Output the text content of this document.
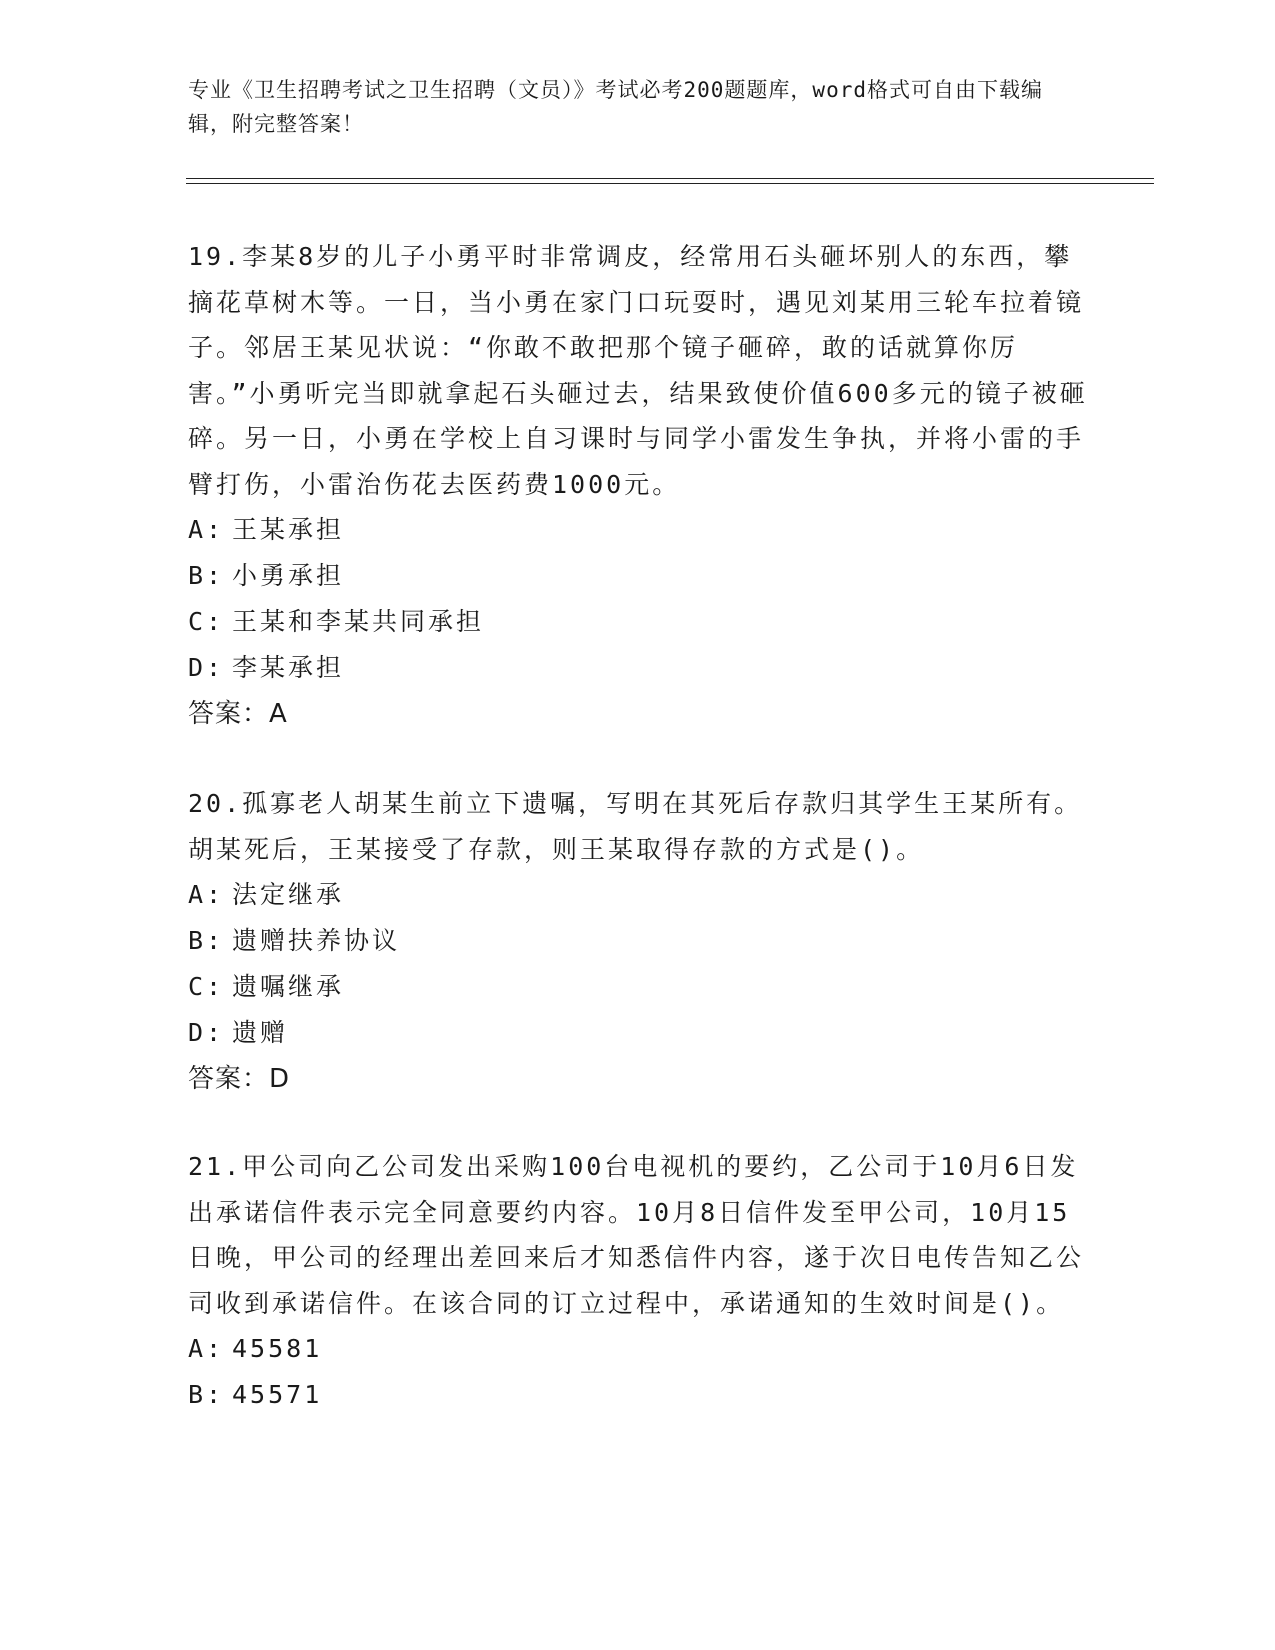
专业《卫生招聘考试之卫生招聘（文员）》考试必考200题题库，word格式可自由下载编辑，附完整答案！

19.李某8岁的儿子小勇平时非常调皮，经常用石头砸坏别人的东西，攀摘花草树木等。一日，当小勇在家门口玩耍时，遇见刘某用三轮车拉着镜子。邻居王某见状说：“你敢不敢把那个镜子砸碎，敢的话就算你厉害。”小勇听完当即就拿起石头砸过去，结果致使价值600多元的镜子被砸碎。另一日，小勇在学校上自习课时与同学小雷发生争执，并将小雷的手臂打伤，小雷治伤花去医药费1000元。

A: 王某承担

B: 小勇承担

C: 王某和李某共同承担

D: 李某承担

答案：A

20.孤寡老人胡某生前立下遗嘱，写明在其死后存款归其学生王某所有。胡某死后，王某接受了存款，则王某取得存款的方式是()。

A: 法定继承

B: 遗赠扶养协议

C: 遗嘱继承

D: 遗赠

答案：D

21.甲公司向乙公司发出采购100台电视机的要约，乙公司于10月6日发出承诺信件表示完全同意要约内容。10月8日信件发至甲公司，10月15日晚，甲公司的经理出差回来后才知悉信件内容，遂于次日电传告知乙公司收到承诺信件。在该合同的订立过程中，承诺通知的生效时间是()。

A: 45581

B: 45571
